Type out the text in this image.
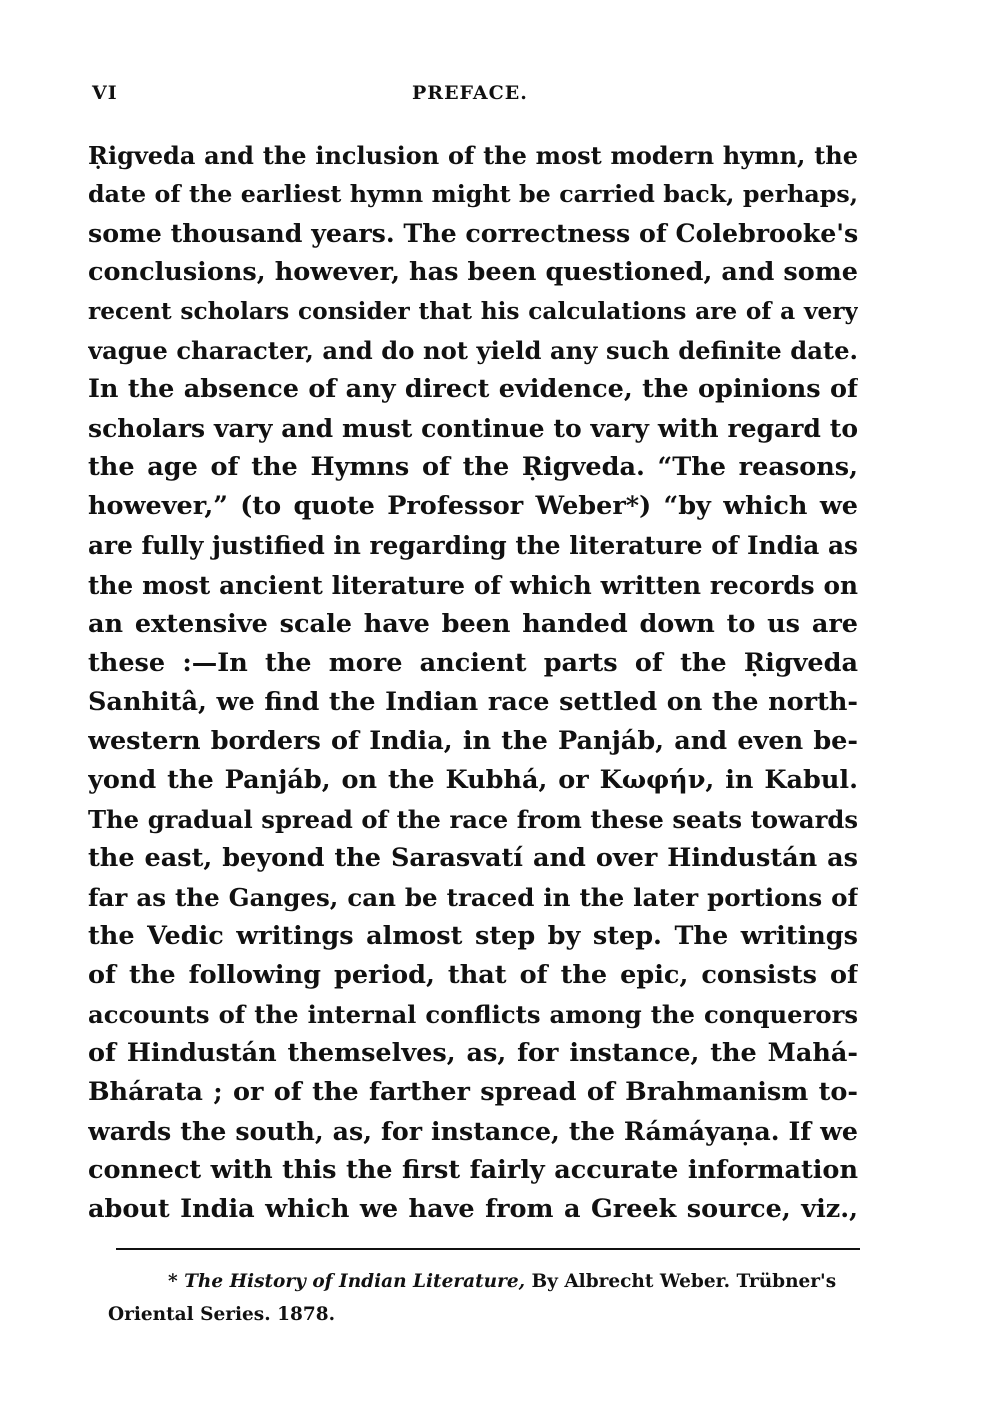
VI	PREFACE.
Ṛigveda and the inclusion of the most modern hymn, the
date of the earliest hymn might be carried back, perhaps,
some thousand years. The correctness of Colebrooke's
conclusions, however, has been questioned, and some
recent scholars consider that his calculations are of a very
vague character, and do not yield any such definite date.
In the absence of any direct evidence, the opinions of
scholars vary and must continue to vary with regard to
the age of the Hymns of the Ṛigveda. “The reasons,
however,” (to quote Professor Weber*) “by which we
are fully justified in regarding the literature of India as
the most ancient literature of which written records on
an extensive scale have been handed down to us are
these :—In the more ancient parts of the Ṛigveda
Sanhitâ, we find the Indian race settled on the north-
western borders of India, in the Panjáb, and even be-
yond the Panjáb, on the Kubhá, or Κωφήν, in Kabul.
The gradual spread of the race from these seats towards
the east, beyond the Sarasvatí and over Hindustán as
far as the Ganges, can be traced in the later portions of
the Vedic writings almost step by step. The writings
of the following period, that of the epic, consists of
accounts of the internal conflicts among the conquerors
of Hindustán themselves, as, for instance, the Mahá-
Bhárata ; or of the farther spread of Brahmanism to-
wards the south, as, for instance, the Rámáyaṇa. If we
connect with this the first fairly accurate information
about India which we have from a Greek source, viz.,
* The History of Indian Literature, By Albrecht Weber. Trübner's
Oriental Series. 1878.
